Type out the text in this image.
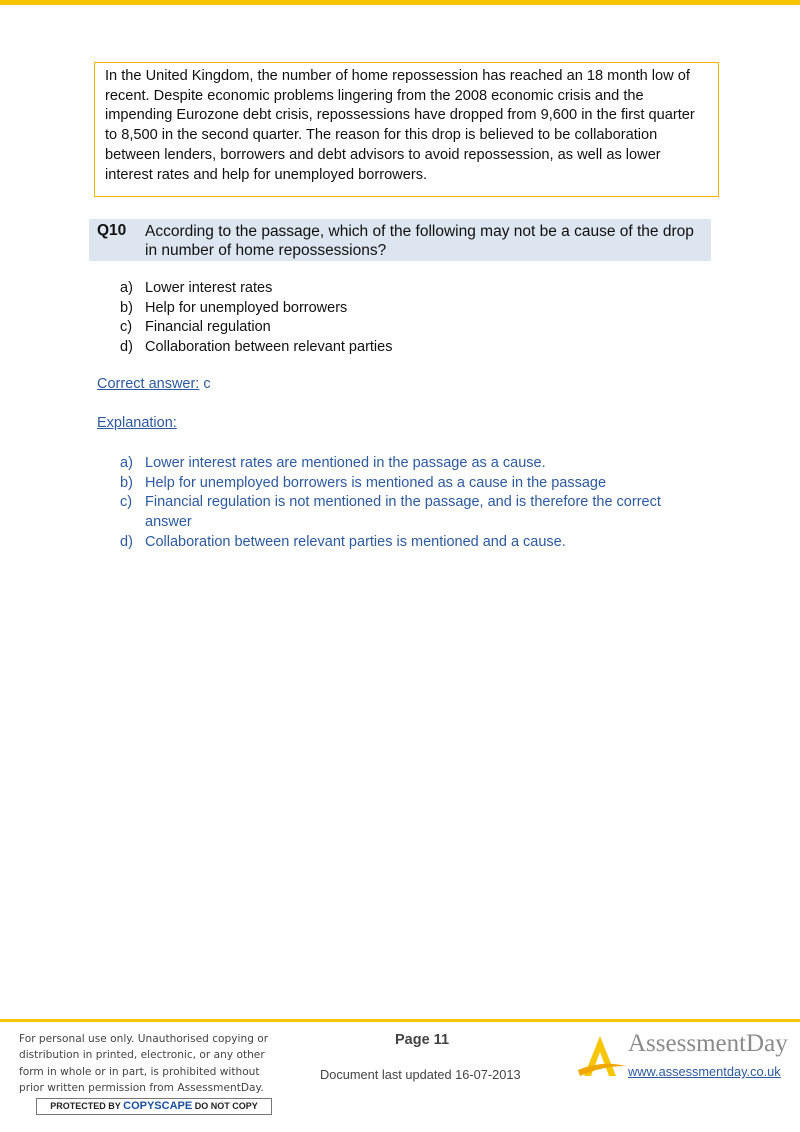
In the United Kingdom, the number of home repossession has reached an 18 month low of recent. Despite economic problems lingering from the 2008 economic crisis and the impending Eurozone debt crisis, repossessions have dropped from 9,600 in the first quarter to 8,500 in the second quarter. The reason for this drop is believed to be collaboration between lenders, borrowers and debt advisors to avoid repossession, as well as lower interest rates and help for unemployed borrowers.
Q10 According to the passage, which of the following may not be a cause of the drop in number of home repossessions?
a) Lower interest rates
b) Help for unemployed borrowers
c) Financial regulation
d) Collaboration between relevant parties
Correct answer: c
Explanation:
a) Lower interest rates are mentioned in the passage as a cause.
b) Help for unemployed borrowers is mentioned as a cause in the passage
c) Financial regulation is not mentioned in the passage, and is therefore the correct answer
d) Collaboration between relevant parties is mentioned and a cause.
For personal use only. Unauthorised copying or distribution in printed, electronic, or any other form in whole or in part, is prohibited without prior written permission from AssessmentDay.
PROTECTED BY COPYSCAPE DO NOT COPY
Page 11
Document last updated 16-07-2013
AssessmentDay
www.assessmentday.co.uk
